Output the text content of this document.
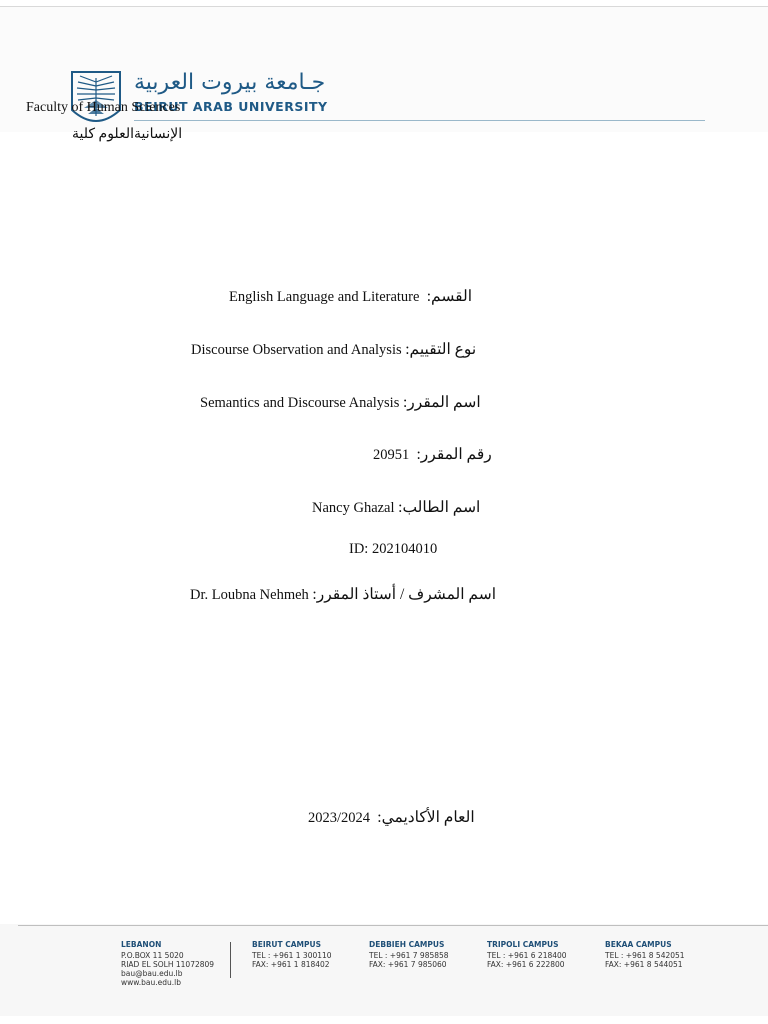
جـامعة بيروت العربية
BEIRUT ARAB UNIVERSITY
Faculty of Human Sciences
الإنسانيةالعلوم كلية
English Language and Literature القسم:
Discourse Observation and Analysis نوع التقييم:
Semantics and Discourse Analysis اسم المقرر:
20951 رقم المقرر:
Nancy Ghazal اسم الطالب:
ID: 202104010
Dr. Loubna Nehmeh اسم المشرف / أستاذ المقرر:
2023/2024 العام الأكاديمي:
LEBANON
P.O.BOX 11 5020
RIAD EL SOLH 11072809
bau@bau.edu.lb
www.bau.edu.lb
BEIRUT CAMPUS
TEL : +961 1 300110
FAX: +961 1 818402
DEBBIEH CAMPUS
TEL : +961 7 985858
FAX: +961 7 985060
TRIPOLI CAMPUS
TEL : +961 6 218400
FAX: +961 6 222800
BEKAA CAMPUS
TEL : +961 8 542051
FAX: +961 8 544051
